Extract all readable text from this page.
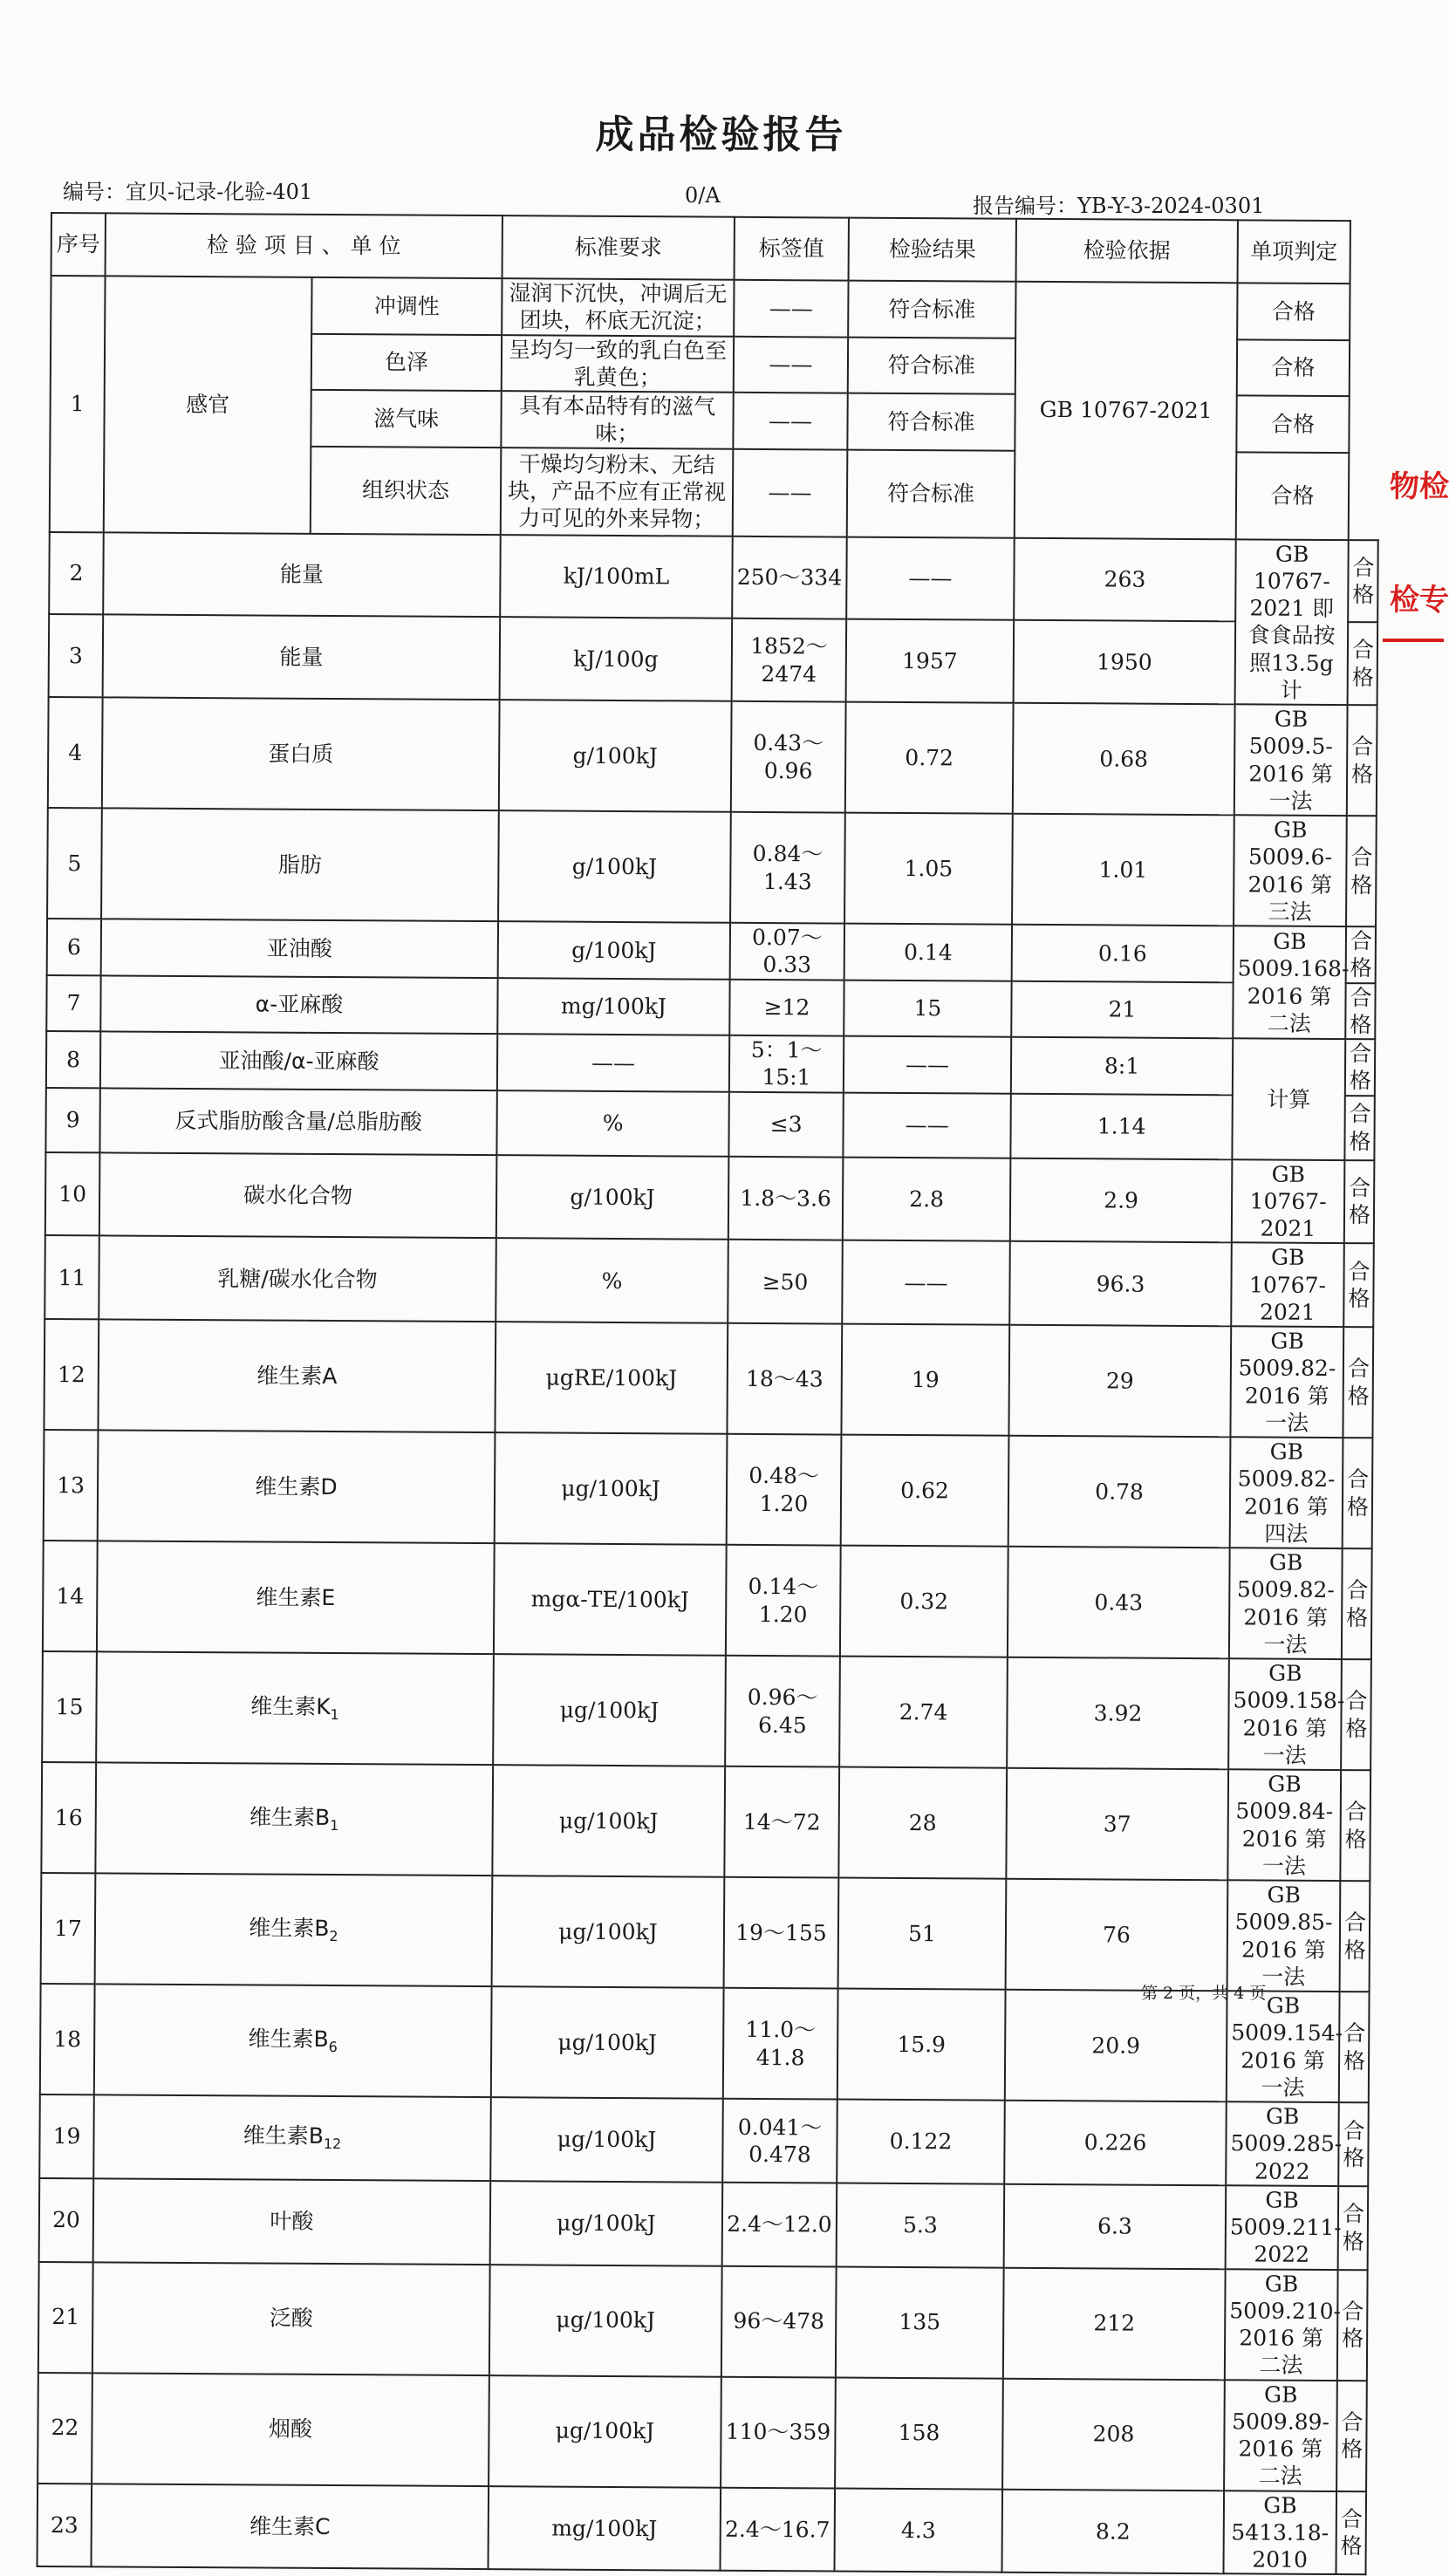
成品检验报告
编号：宜贝-记录-化验-401	0/A	报告编号：YB-Y-3-2024-0301
序号	检 验 项 目 、 单 位		标准要求	标签值	检验结果	检验依据	单项判定	
1	感官	冲调性	湿润下沉快，冲调后无团块，杯底无沉淀；	——	符合标准	GB 10767-2021	合格	
		色泽	呈均匀一致的乳白色至乳黄色；	——	符合标准		合格	
		滋气味	具有本品特有的滋气味；	——	符合标准		合格	
		组织状态	干燥均匀粉末、无结块，产品不应有正常视力可见的外来异物；	——	符合标准		合格	
2	能量		kJ/100mL	250～334	——	263	GB 10767-2021 即食食品按照13.5g计	合格
3	能量		kJ/100g	1852～2474	1957	1950		合格
4	蛋白质		g/100kJ	0.43～0.96	0.72	0.68	GB 5009.5-2016 第一法	合格
5	脂肪		g/100kJ	0.84～1.43	1.05	1.01	GB 5009.6-2016 第三法	合格
6	亚油酸		g/100kJ	0.07～0.33	0.14	0.16	GB 5009.168-2016 第二法	合格
7	α-亚麻酸		mg/100kJ	≥12	15	21		合格
8	亚油酸/α-亚麻酸		——	5：1～15:1	——	8:1	计算	合格
9	反式脂肪酸含量/总脂肪酸		%	≤3	——	1.14		合格
10	碳水化合物		g/100kJ	1.8～3.6	2.8	2.9	GB 10767-2021	合格
11	乳糖/碳水化合物		%	≥50	——	96.3	GB 10767-2021	合格
12	维生素A		μgRE/100kJ	18～43	19	29	GB 5009.82-2016 第一法	合格
13	维生素D		μg/100kJ	0.48～1.20	0.62	0.78	GB 5009.82-2016 第四法	合格
14	维生素E		mgα-TE/100kJ	0.14～1.20	0.32	0.43	GB 5009.82-2016 第一法	合格
15	维生素$K_1$		μg/100kJ	0.96～6.45	2.74	3.92	GB 5009.158-2016 第一法	合格
16	维生素$B_1$		μg/100kJ	14～72	28	37	GB 5009.84-2016 第一法	合格
17	维生素$B_2$		μg/100kJ	19～155	51	76	GB 5009.85-2016 第一法	合格
18	维生素$B_6$		μg/100kJ	11.0～41.8	15.9	20.9	GB 5009.154-2016 第一法	合格
19	维生素$B_{12}$		μg/100kJ	0.041～0.478	0.122	0.226	GB 5009.285-2022	合格
20	叶酸		μg/100kJ	2.4～12.0	5.3	6.3	GB 5009.211-2022	合格
21	泛酸		μg/100kJ	96～478	135	212	GB 5009.210-2016 第二法	合格
22	烟酸		μg/100kJ	110～359	158	208	GB 5009.89-2016 第二法	合格
23	维生素C		mg/100kJ	2.4～16.7	4.3	8.2	GB 5413.18-2010	合格
物检
检专
第 2 页，共 4 页
